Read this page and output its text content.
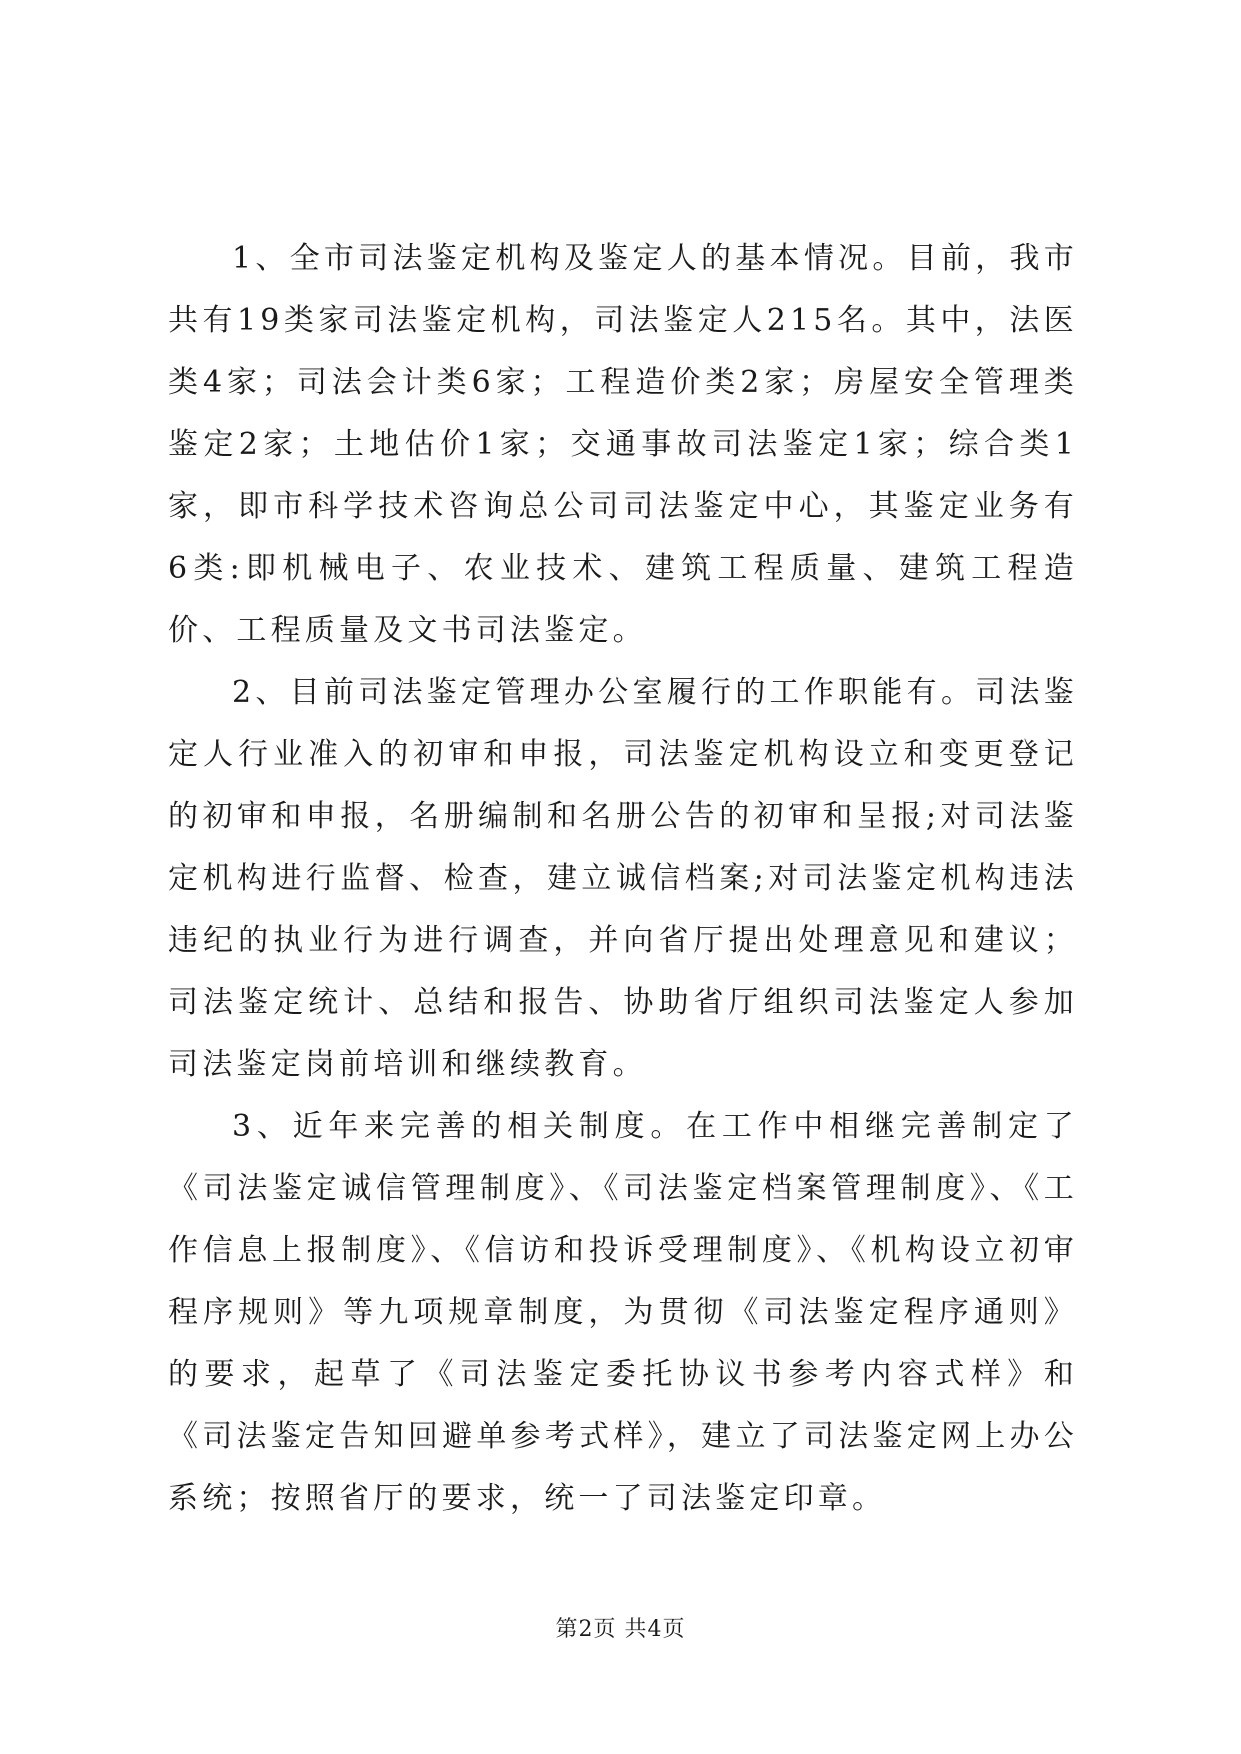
1、全市司法鉴定机构及鉴定人的基本情况。目前，我市共有19类家司法鉴定机构，司法鉴定人215名。其中，法医类4家；司法会计类6家；工程造价类2家；房屋安全管理类鉴定2家；土地估价1家；交通事故司法鉴定1家；综合类1家，即市科学技术咨询总公司司法鉴定中心，其鉴定业务有6类:即机械电子、农业技术、建筑工程质量、建筑工程造价、工程质量及文书司法鉴定。

2、目前司法鉴定管理办公室履行的工作职能有。司法鉴定人行业准入的初审和申报，司法鉴定机构设立和变更登记的初审和申报，名册编制和名册公告的初审和呈报;对司法鉴定机构进行监督、检查，建立诚信档案;对司法鉴定机构违法违纪的执业行为进行调查，并向省厅提出处理意见和建议；司法鉴定统计、总结和报告、协助省厅组织司法鉴定人参加司法鉴定岗前培训和继续教育。

3、近年来完善的相关制度。在工作中相继完善制定了《司法鉴定诚信管理制度》、《司法鉴定档案管理制度》、《工作信息上报制度》、《信访和投诉受理制度》、《机构设立初审程序规则》等九项规章制度，为贯彻《司法鉴定程序通则》的要求，起草了《司法鉴定委托协议书参考内容式样》和《司法鉴定告知回避单参考式样》，建立了司法鉴定网上办公系统；按照省厅的要求，统一了司法鉴定印章。

第2页 共4页
